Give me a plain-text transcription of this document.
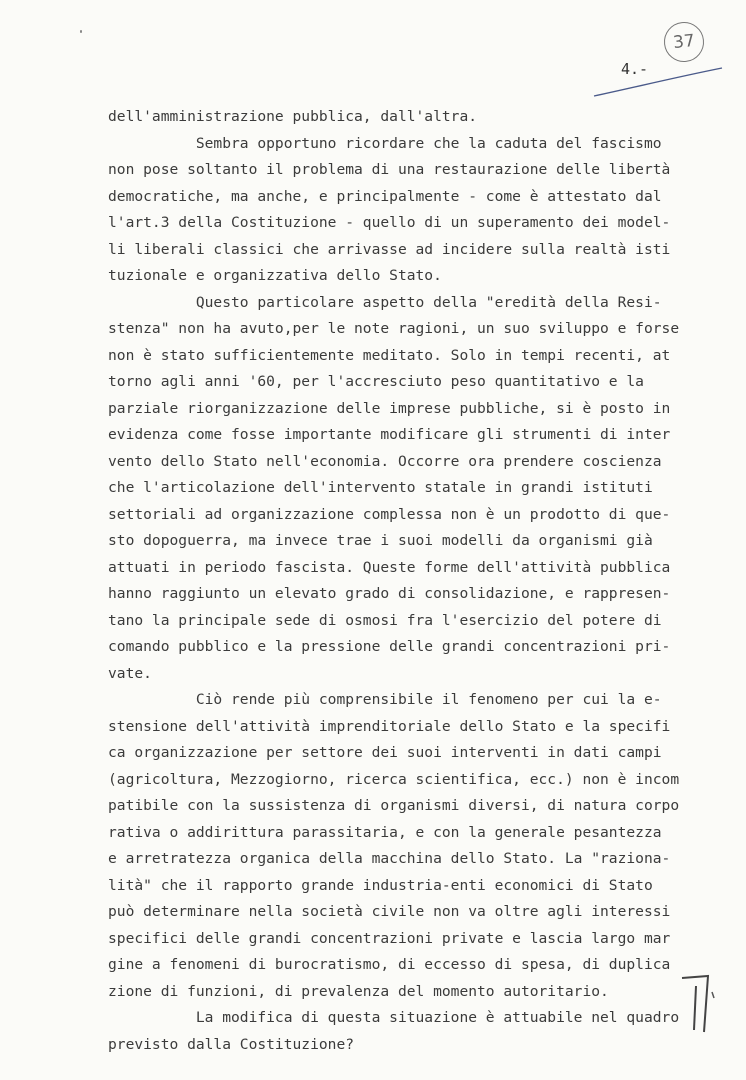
37
4.-
dell'amministrazione pubblica, dall'altra.
Sembra opportuno ricordare che la caduta del fascismo
non pose soltanto il problema di una restaurazione delle libertà
democratiche, ma anche, e principalmente - come è attestato dal
l'art.3 della Costituzione - quello di un superamento dei model-
li liberali classici che arrivasse ad incidere sulla realtà isti
tuzionale e organizzativa dello Stato.
Questo particolare aspetto della "eredità della Resi-
stenza" non ha avuto,per le note ragioni, un suo sviluppo e forse
non è stato sufficientemente meditato. Solo in tempi recenti, at
torno agli anni '60, per l'accresciuto peso quantitativo e la
parziale riorganizzazione delle imprese pubbliche, si è posto in
evidenza come fosse importante modificare gli strumenti di inter
vento dello Stato nell'economia. Occorre ora prendere coscienza
che l'articolazione dell'intervento statale in grandi istituti
settoriali ad organizzazione complessa non è un prodotto di que-
sto dopoguerra, ma invece trae i suoi modelli da organismi già
attuati in periodo fascista. Queste forme dell'attività pubblica
hanno raggiunto un elevato grado di consolidazione, e rappresen-
tano la principale sede di osmosi fra l'esercizio del potere di
comando pubblico e la pressione delle grandi concentrazioni pri-
vate.
Ciò rende più comprensibile il fenomeno per cui la e-
stensione dell'attività imprenditoriale dello Stato e la specifi
ca organizzazione per settore dei suoi interventi in dati campi
(agricoltura, Mezzogiorno, ricerca scientifica, ecc.) non è incom
patibile con la sussistenza di organismi diversi, di natura corpo
rativa o addirittura parassitaria, e con la generale pesantezza
e arretratezza organica della macchina dello Stato. La "raziona-
lità" che il rapporto grande industria-enti economici di Stato
può determinare nella società civile non va oltre agli interessi
specifici delle grandi concentrazioni private e lascia largo mar
gine a fenomeni di burocratismo, di eccesso di spesa, di duplica
zione di funzioni, di prevalenza del momento autoritario.
La modifica di questa situazione è attuabile nel quadro
previsto dalla Costituzione?
